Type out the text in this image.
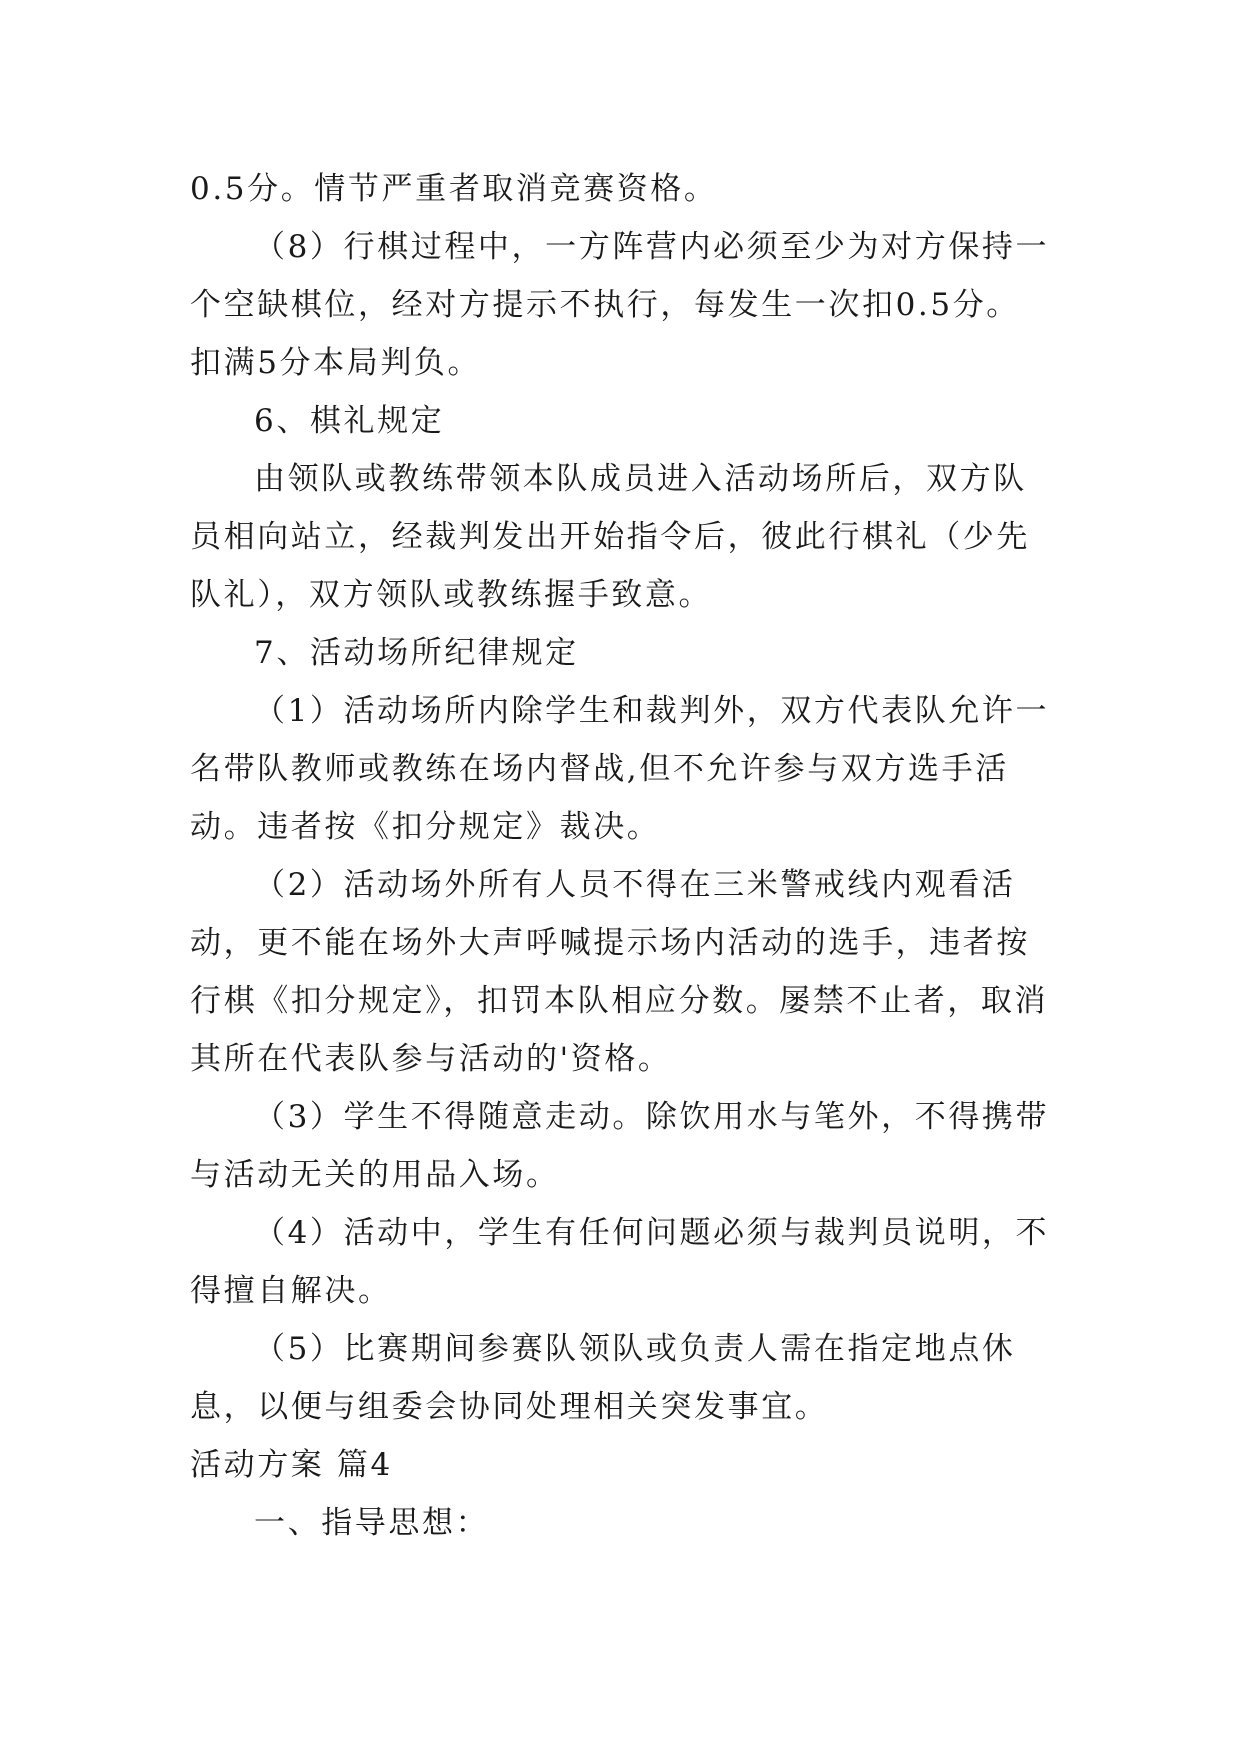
0.5分。情节严重者取消竞赛资格。

（8）行棋过程中，一方阵营内必须至少为对方保持一个空缺棋位，经对方提示不执行，每发生一次扣0.5分。扣满5分本局判负。

6、棋礼规定

由领队或教练带领本队成员进入活动场所后，双方队员相向站立，经裁判发出开始指令后，彼此行棋礼（少先队礼），双方领队或教练握手致意。

7、活动场所纪律规定

（1）活动场所内除学生和裁判外，双方代表队允许一名带队教师或教练在场内督战,但不允许参与双方选手活动。违者按《扣分规定》裁决。

（2）活动场外所有人员不得在三米警戒线内观看活动，更不能在场外大声呼喊提示场内活动的选手，违者按行棋《扣分规定》，扣罚本队相应分数。屡禁不止者，取消其所在代表队参与活动的'资格。

（3）学生不得随意走动。除饮用水与笔外，不得携带与活动无关的用品入场。

（4）活动中，学生有任何问题必须与裁判员说明，不得擅自解决。

（5）比赛期间参赛队领队或负责人需在指定地点休息，以便与组委会协同处理相关突发事宜。

活动方案 篇4

一、指导思想：
